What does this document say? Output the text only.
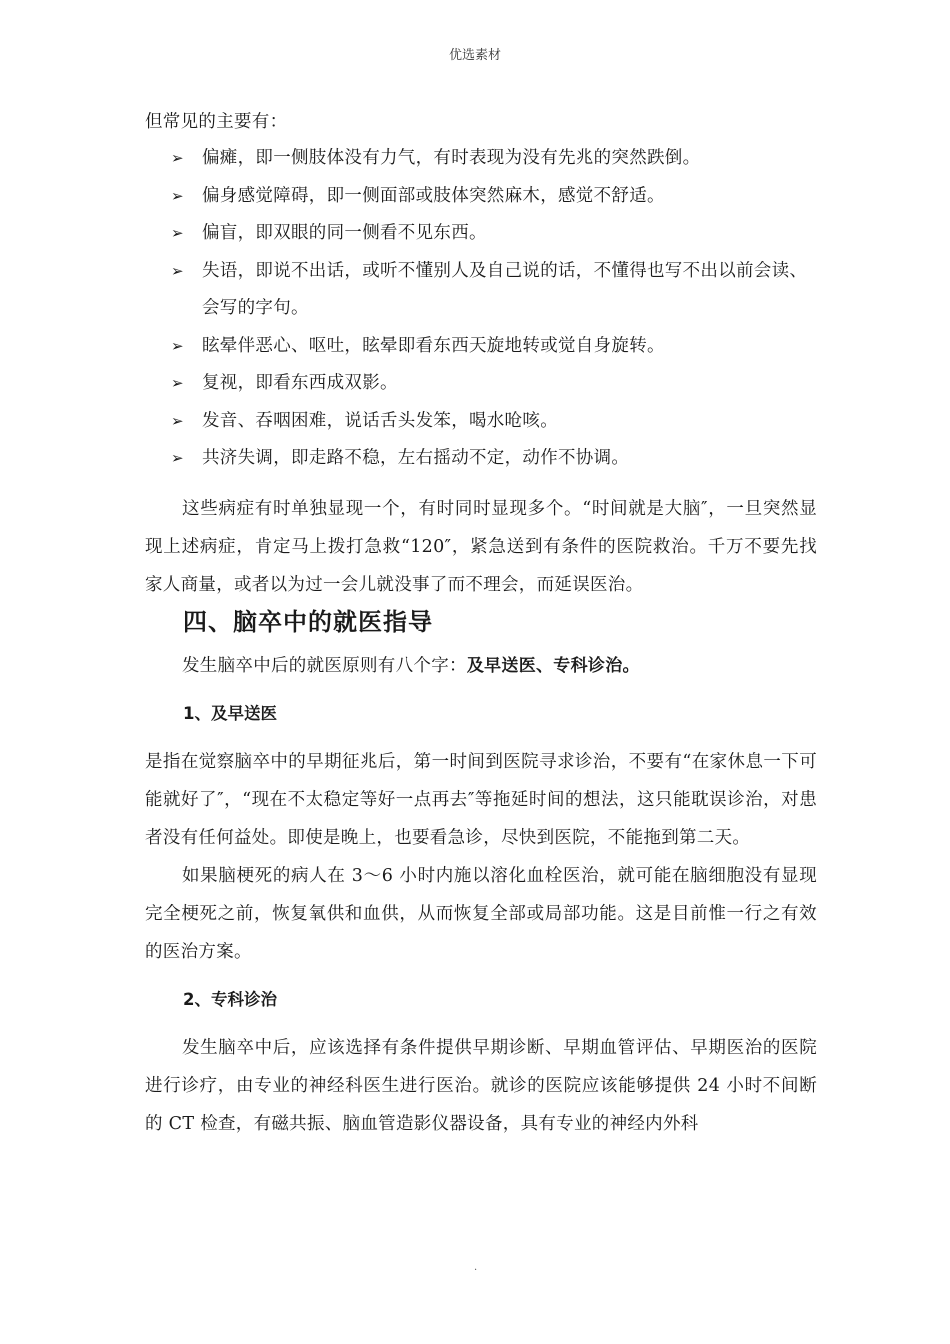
优选素材

但常见的主要有：

➢ 偏瘫，即一侧肢体没有力气，有时表现为没有先兆的突然跌倒。
➢ 偏身感觉障碍，即一侧面部或肢体突然麻木，感觉不舒适。
➢ 偏盲，即双眼的同一侧看不见东西。
➢ 失语，即说不出话，或听不懂别人及自己说的话，不懂得也写不出以前会读、会写的字句。
➢ 眩晕伴恶心、呕吐，眩晕即看东西天旋地转或觉自身旋转。
➢ 复视，即看东西成双影。
➢ 发音、吞咽困难，说话舌头发笨，喝水呛咳。
➢ 共济失调，即走路不稳，左右摇动不定，动作不协调。

这些病症有时单独显现一个，有时同时显现多个。“时间就是大脑″，一旦突然显现上述病症，肯定马上拨打急救“120″，紧急送到有条件的医院救治。千万不要先找家人商量，或者以为过一会儿就没事了而不理会，而延误医治。

四、脑卒中的就医指导

发生脑卒中后的就医原则有八个字：及早送医、专科诊治。

1、及早送医

是指在觉察脑卒中的早期征兆后，第一时间到医院寻求诊治，不要有“在家休息一下可能就好了″，“现在不太稳定等好一点再去″等拖延时间的想法，这只能耽误诊治，对患者没有任何益处。即使是晚上，也要看急诊，尽快到医院，不能拖到第二天。

如果脑梗死的病人在 3～6 小时内施以溶化血栓医治，就可能在脑细胞没有显现完全梗死之前，恢复氧供和血供，从而恢复全部或局部功能。这是目前惟一行之有效的医治方案。

2、专科诊治

发生脑卒中后，应该选择有条件提供早期诊断、早期血管评估、早期医治的医院进行诊疗，由专业的神经科医生进行医治。就诊的医院应该能够提供 24 小时不间断的 CT 检查，有磁共振、脑血管造影仪器设备，具有专业的神经内外科

.
